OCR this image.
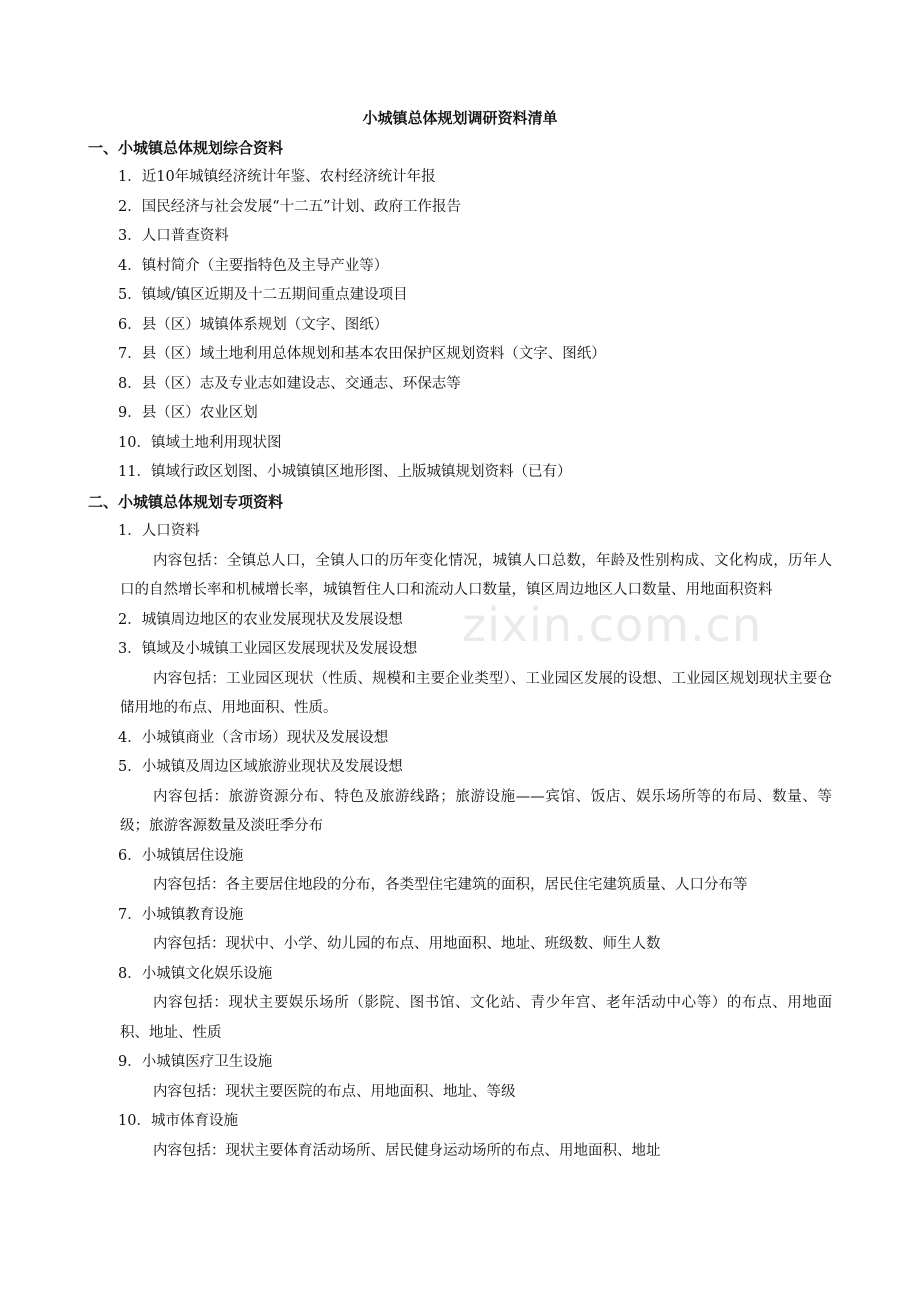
小城镇总体规划调研资料清单

一、小城镇总体规划综合资料

1．近10年城镇经济统计年鉴、农村经济统计年报

2．国民经济与社会发展“十二五”计划、政府工作报告

3．人口普查资料

4．镇村简介（主要指特色及主导产业等）

5．镇域/镇区近期及十二五期间重点建设项目

6．县（区）城镇体系规划（文字、图纸）

7．县（区）域土地利用总体规划和基本农田保护区规划资料（文字、图纸）

8．县（区）志及专业志如建设志、交通志、环保志等

9．县（区）农业区划

10．镇域土地利用现状图

11．镇域行政区划图、小城镇镇区地形图、上版城镇规划资料（已有）

二、小城镇总体规划专项资料

1．人口资料

内容包括：全镇总人口，全镇人口的历年变化情况，城镇人口总数，年龄及性别构成、文化构成，历年人口的自然增长率和机械增长率，城镇暂住人口和流动人口数量，镇区周边地区人口数量、用地面积资料

2．城镇周边地区的农业发展现状及发展设想

3．镇域及小城镇工业园区发展现状及发展设想

内容包括：工业园区现状（性质、规模和主要企业类型）、工业园区发展的设想、工业园区规划现状主要仓储用地的布点、用地面积、性质。

4．小城镇商业（含市场）现状及发展设想

5．小城镇及周边区域旅游业现状及发展设想

内容包括：旅游资源分布、特色及旅游线路；旅游设施——宾馆、饭店、娱乐场所等的布局、数量、等级；旅游客源数量及淡旺季分布

6．小城镇居住设施

内容包括：各主要居住地段的分布，各类型住宅建筑的面积，居民住宅建筑质量、人口分布等

7．小城镇教育设施

内容包括：现状中、小学、幼儿园的布点、用地面积、地址、班级数、师生人数

8．小城镇文化娱乐设施

内容包括：现状主要娱乐场所（影院、图书馆、文化站、青少年宫、老年活动中心等）的布点、用地面积、地址、性质

9．小城镇医疗卫生设施

内容包括：现状主要医院的布点、用地面积、地址、等级

10．城市体育设施

内容包括：现状主要体育活动场所、居民健身运动场所的布点、用地面积、地址

zixin.com.cn
